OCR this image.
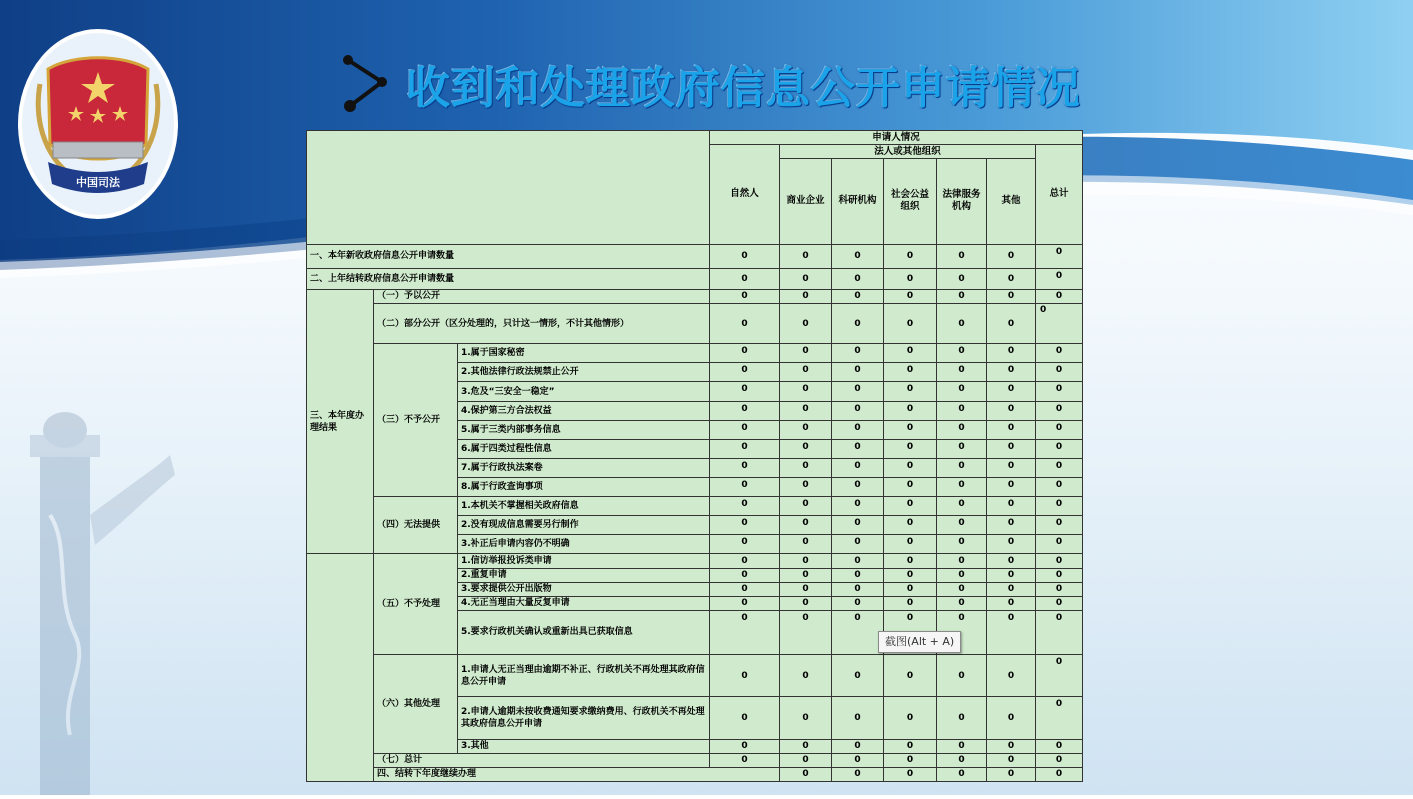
中国司法
收到和处理政府信息公开申请情况
			申请人情况							
			自然人	法人或其他组织					总计	
				商业企业	科研机构	社会公益组织	法律服务机构	其他		
一、本年新收政府信息公开申请数量			0	0	0	0	0	0	0	
二、上年结转政府信息公开申请数量			0	0	0	0	0	0	0	
三、本年度办理结果	（一）予以公开		0	0	0	0	0	0	0	
	（二）部分公开（区分处理的，只计这一情形，不计其他情形）		0	0	0	0	0	0	0	
	（三）不予公开	1.属于国家秘密	0	0	0	0	0	0	0	
		2.其他法律行政法规禁止公开	0	0	0	0	0	0	0	
		3.危及“三安全一稳定”	0	0	0	0	0	0	0	
		4.保护第三方合法权益	0	0	0	0	0	0	0	
		5.属于三类内部事务信息	0	0	0	0	0	0	0	
		6.属于四类过程性信息	0	0	0	0	0	0	0	
		7.属于行政执法案卷	0	0	0	0	0	0	0	
		8.属于行政查询事项	0	0	0	0	0	0	0	
	（四）无法提供	1.本机关不掌握相关政府信息	0	0	0	0	0	0	0	
		2.没有现成信息需要另行制作	0	0	0	0	0	0	0	
		3.补正后申请内容仍不明确	0	0	0	0	0	0	0	
	（五）不予处理	1.信访举报投诉类申请	0	0	0	0	0	0	0	
		2.重复申请	0	0	0	0	0	0	0	
		3.要求提供公开出版物	0	0	0	0	0	0	0	
		4.无正当理由大量反复申请	0	0	0	0	0	0	0	
		5.要求行政机关确认或重新出具已获取信息	0	0	0	0	0	0	0	
	（六）其他处理	1.申请人无正当理由逾期不补正、行政机关不再处理其政府信息公开申请	0	0	0	0	0	0	0	
		2.申请人逾期未按收费通知要求缴纳费用、行政机关不再处理其政府信息公开申请	0	0	0	0	0	0	0	
		3.其他	0	0	0	0	0	0	0	
	（七）总计		0	0	0	0	0	0	0	
	四、结转下年度继续办理			0	0	0	0	0	0	
截图(Alt + A)
